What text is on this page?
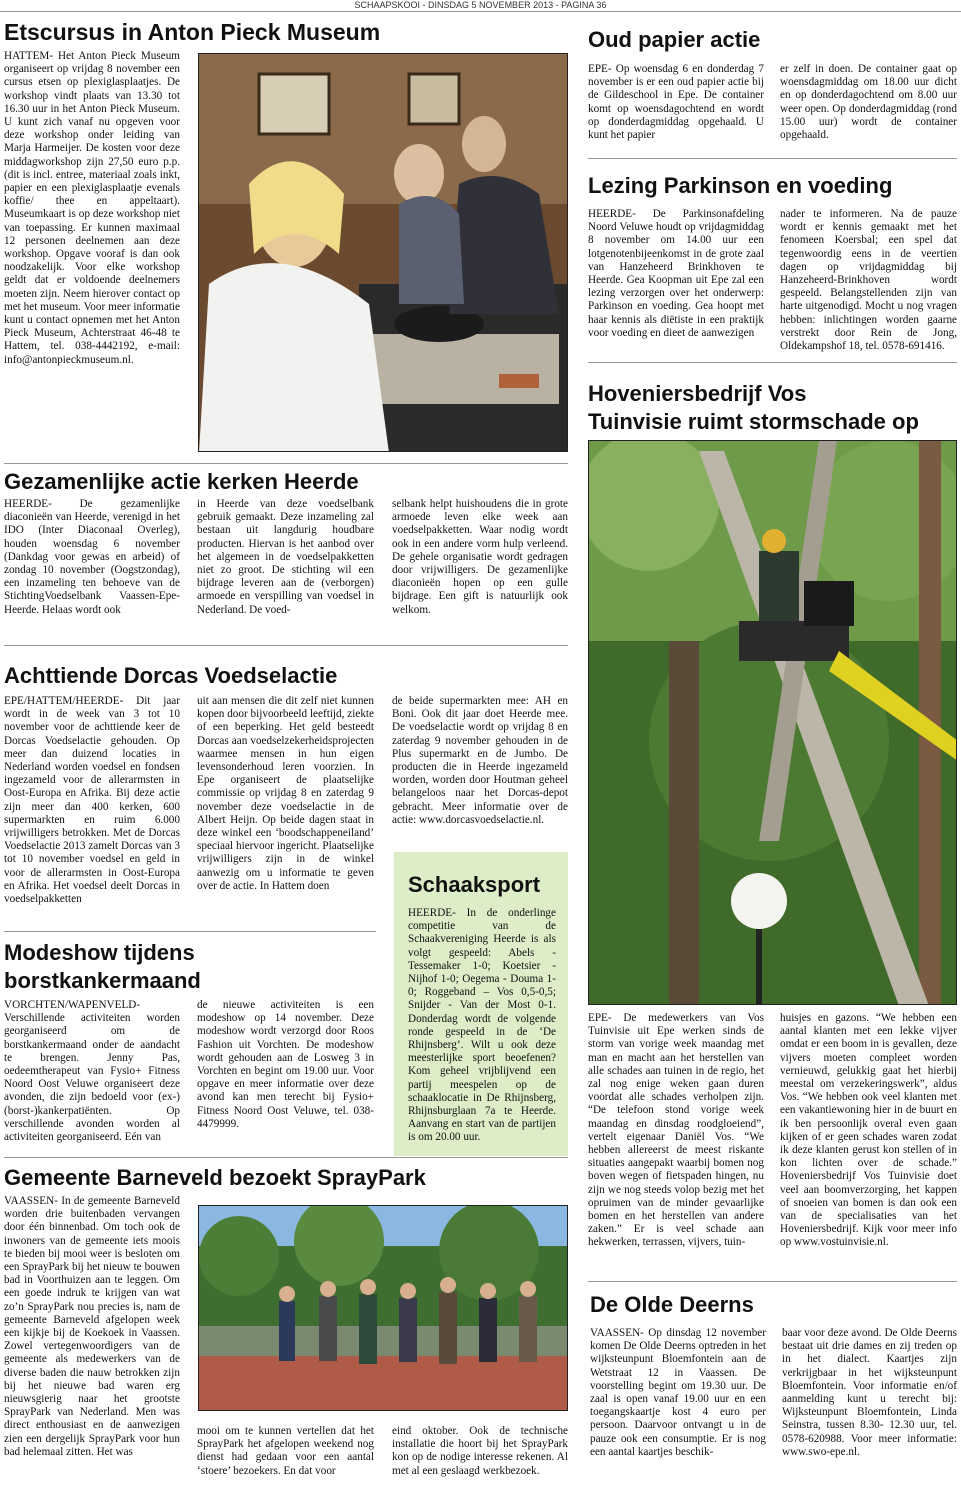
SCHAAPSKOOI - DINSDAG 5 NOVEMBER 2013 - PAGINA 36
Etscursus in Anton Pieck Museum
HATTEM- Het Anton Pieck Museum organiseert op vrijdag 8 november een cursus etsen op plexiglasplaatjes. De workshop vindt plaats van 13.30 tot 16.30 uur in het Anton Pieck Museum. U kunt zich vanaf nu opgeven voor deze workshop onder leiding van Marja Harmeijer. De kosten voor deze middagworkshop zijn 27,50 euro p.p. (dit is incl. entree, materiaal zoals inkt, papier en een plexiglasplaatje evenals koffie/ thee en appeltaart). Museumkaart is op deze workshop niet van toepassing. Er kunnen maximaal 12 personen deelnemen aan deze workshop. Opgave vooraf is dan ook noodzakelijk. Voor elke workshop geldt dat er voldoende deelnemers moeten zijn. Neem hierover contact op met het museum. Voor meer informatie kunt u contact opnemen met het Anton Pieck Museum, Achterstraat 46-48 te Hattem, tel. 038-4442192, e-mail: info@antonpieckmuseum.nl.
Oud papier actie
EPE- Op woensdag 6 en donderdag 7 november is er een oud papier actie bij de Gildeschool in Epe. De container komt op woensdagochtend en wordt op donderdagmiddag opgehaald. U kunt het papier
er zelf in doen. De container gaat op woensdagmiddag om 18.00 uur dicht en op donderdagochtend om 8.00 uur weer open. Op donderdagmiddag (rond 15.00 uur) wordt de container opgehaald.
Lezing Parkinson en voeding
HEERDE- De Parkinsonafdeling Noord Veluwe houdt op vrijdagmiddag 8 november om 14.00 uur een lotgenotenbijeenkomst in de grote zaal van Hanzeheerd Brinkhoven te Heerde. Gea Koopman uit Epe zal een lezing verzorgen over het onderwerp: Parkinson en voeding. Gea hoopt met haar kennis als diëtiste in een praktijk voor voeding en dieet de aanwezigen
nader te informeren. Na de pauze wordt er kennis gemaakt met het fenomeen Koersbal; een spel dat tegenwoordig eens in de veertien dagen op vrijdagmiddag bij Hanzeheerd-Brinkhoven wordt gespeeld. Belangstellenden zijn van harte uitgenodigd. Mocht u nog vragen hebben: inlichtingen worden gaarne verstrekt door Rein de Jong, Oldekampshof 18, tel. 0578-691416.
Hoveniersbedrijf Vos
Tuinvisie ruimt stormschade op
EPE- De medewerkers van Vos Tuinvisie uit Epe werken sinds de storm van vorige week maandag met man en macht aan het herstellen van alle schades aan tuinen in de regio, het zal nog enige weken gaan duren voordat alle schades verholpen zijn. “De telefoon stond vorige week maandag en dinsdag roodgloeiend”, vertelt eigenaar Daniël Vos. “We hebben allereerst de meest riskante situaties aangepakt waarbij bomen nog boven wegen of fietspaden hingen, nu zijn we nog steeds volop bezig met het opruimen van de minder gevaarlijke bomen en het herstellen van andere zaken.” Er is veel schade aan hekwerken, terrassen, vijvers, tuin-
huisjes en gazons. “We hebben een aantal klanten met een lekke vijver omdat er een boom in is gevallen, deze vijvers moeten compleet worden vernieuwd, gelukkig gaat het hierbij meestal om verzekeringswerk”, aldus Vos. “We hebben ook veel klanten met een vakantiewoning hier in de buurt en ik ben persoonlijk overal even gaan kijken of er geen schades waren zodat ik deze klanten gerust kon stellen of in kon lichten over de schade.” Hoveniersbedrijf Vos Tuinvisie doet veel aan boomverzorging, het kappen of snoeien van bomen is dan ook een van de specialisaties van het Hoveniersbedrijf. Kijk voor meer info op www.vostuinvisie.nl.
De Olde Deerns
VAASSEN- Op dinsdag 12 november komen De Olde Deerns optreden in het wijksteunpunt Bloemfontein aan de Wetstraat 12 in Vaassen. De voorstelling begint om 19.30 uur. De zaal is open vanaf 19.00 uur en een toegangskaartje kost 4 euro per persoon. Daarvoor ontvangt u in de pauze ook een consumptie. Er is nog een aantal kaartjes beschik-
baar voor deze avond. De Olde Deerns bestaat uit drie dames en zij treden op in het dialect. Kaartjes zijn verkrijgbaar in het wijksteunpunt Bloemfontein. Voor informatie en/of aanmelding kunt u terecht bij: Wijksteunpunt Bloemfontein, Linda Seinstra, tussen 8.30- 12.30 uur, tel. 0578-620988. Voor meer informatie: www.swo-epe.nl.
Gezamenlijke actie kerken Heerde
HEERDE- De gezamenlijke diaconieën van Heerde, verenigd in het IDO (Inter Diaconaal Overleg), houden woensdag 6 november (Dankdag voor gewas en arbeid) of zondag 10 november (Oogstzondag), een inzameling ten behoeve van de StichtingVoedselbank Vaassen-Epe-Heerde. Helaas wordt ook
in Heerde van deze voedselbank gebruik gemaakt. Deze inzameling zal bestaan uit langdurig houdbare producten. Hiervan is het aanbod over het algemeen in de voedselpakketten niet zo groot. De stichting wil een bijdrage leveren aan de (verborgen) armoede en verspilling van voedsel in Nederland. De voed-
selbank helpt huishoudens die in grote armoede leven elke week aan voedselpakketten. Waar nodig wordt ook in een andere vorm hulp verleend. De gehele organisatie wordt gedragen door vrijwilligers. De gezamenlijke diaconieën hopen op een gulle bijdrage. Een gift is natuurlijk ook welkom.
Achttiende Dorcas Voedselactie
EPE/HATTEM/HEERDE- Dit jaar wordt in de week van 3 tot 10 november voor de achttiende keer de Dorcas Voedselactie gehouden. Op meer dan duizend locaties in Nederland worden voedsel en fondsen ingezameld voor de allerarmsten in Oost-Europa en Afrika. Bij deze actie zijn meer dan 400 kerken, 600 supermarkten en ruim 6.000 vrijwilligers betrokken. Met de Dorcas Voedselactie 2013 zamelt Dorcas van 3 tot 10 november voedsel en geld in voor de allerarmsten in Oost-Europa en Afrika. Het voedsel deelt Dorcas in voedselpakketten
uit aan mensen die dit zelf niet kunnen kopen door bijvoorbeeld leeftijd, ziekte of een beperking. Het geld besteedt Dorcas aan voedselzekerheidsprojecten waarmee mensen in hun eigen levensonderhoud leren voorzien. In Epe organiseert de plaatselijke commissie op vrijdag 8 en zaterdag 9 november deze voedselactie in de Albert Heijn. Op beide dagen staat in deze winkel een ‘boodschappeneiland’ speciaal hiervoor ingericht. Plaatselijke vrijwilligers zijn in de winkel aanwezig om u informatie te geven over de actie. In Hattem doen
de beide supermarkten mee: AH en Boni. Ook dit jaar doet Heerde mee. De voedselactie wordt op vrijdag 8 en zaterdag 9 november gehouden in de Plus supermarkt en de Jumbo. De producten die in Heerde ingezameld worden, worden door Houtman geheel belangeloos naar het Dorcas-depot gebracht. Meer informatie over de actie: www.dorcasvoedselactie.nl.
Schaaksport
HEERDE- In de onderlinge competitie van de Schaakvereniging Heerde is als volgt gespeeld: Abels - Tessemaker 1-0; Koetsier - Nijhof 1-0; Oegema - Douma 1-0; Roggeband – Vos 0,5-0,5; Snijder - Van der Most 0-1. Donderdag wordt de volgende ronde gespeeld in de ‘De Rhijnsberg’. Wilt u ook deze meesterlijke sport beoefenen? Kom geheel vrijblijvend een partij meespelen op de schaaklocatie in De Rhijnsberg, Rhijnsburglaan 7a te Heerde. Aanvang en start van de partijen is om 20.00 uur.
Modeshow tijdens
borstkankermaand
VORCHTEN/WAPENVELD- Verschillende activiteiten worden georganiseerd om de borstkankermaand onder de aandacht te brengen. Jenny Pas, oedeemtherapeut van Fysio+ Fitness Noord Oost Veluwe organiseert deze avonden, die zijn bedoeld voor (ex-)(borst-)kankerpatiënten. Op verschillende avonden worden al activiteiten georganiseerd. Eén van
de nieuwe activiteiten is een modeshow op 14 november. Deze modeshow wordt verzorgd door Roos Fashion uit Vorchten. De modeshow wordt gehouden aan de Losweg 3 in Vorchten en begint om 19.00 uur. Voor opgave en meer informatie over deze avond kan men terecht bij Fysio+ Fitness Noord Oost Veluwe, tel. 038-4479999.
Gemeente Barneveld bezoekt SprayPark
VAASSEN- In de gemeente Barneveld worden drie buitenbaden vervangen door één binnenbad. Om toch ook de inwoners van de gemeente iets moois te bieden bij mooi weer is besloten om een SprayPark bij het nieuw te bouwen bad in Voorthuizen aan te leggen. Om een goede indruk te krijgen van wat zo’n SprayPark nou precies is, nam de gemeente Barneveld afgelopen week een kijkje bij de Koekoek in Vaassen. Zowel vertegenwoordigers van de gemeente als medewerkers van de diverse baden die nauw betrokken zijn bij het nieuwe bad waren erg nieuwsgierig naar het grootste SprayPark van Nederland. Men was direct enthousiast en de aanwezigen zien een dergelijk SprayPark voor hun bad helemaal zitten. Het was
mooi om te kunnen vertellen dat het SprayPark het afgelopen weekend nog dienst had gedaan voor een aantal ‘stoere’ bezoekers. En dat voor
eind oktober. Ook de technische installatie die hoort bij het SprayPark kon op de nodige interesse rekenen. Al met al een geslaagd werkbezoek.
